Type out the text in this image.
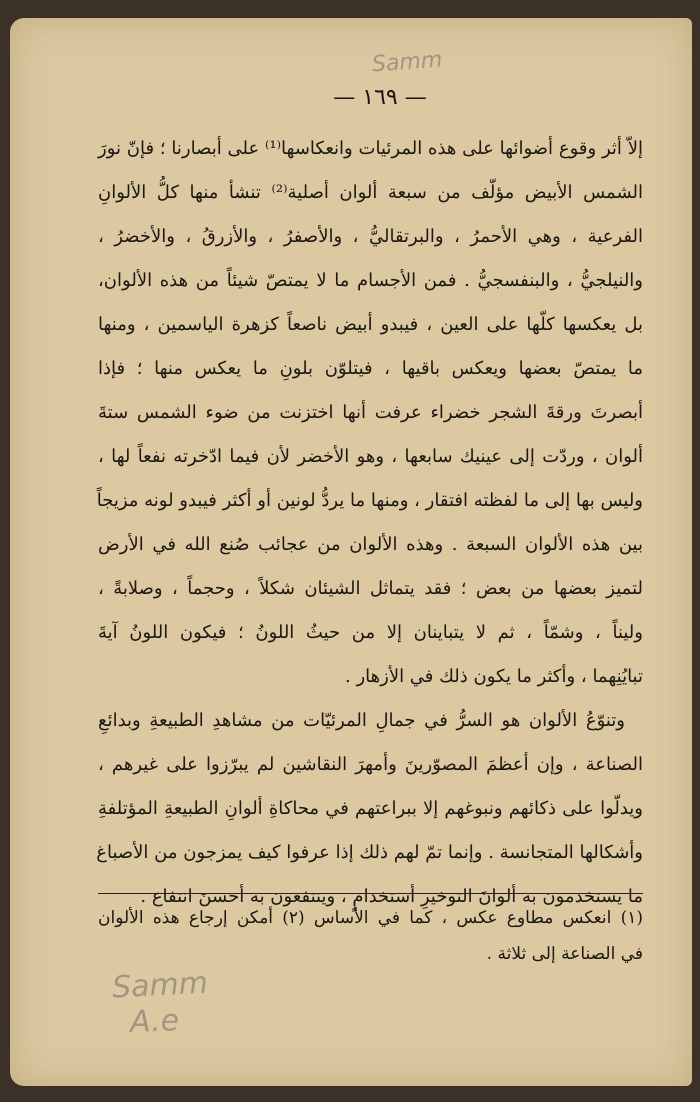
Samm
Samm
A.e
— ١٦٩ —
إلاّ أثر وقوع أضوائها على هذه المرئيات وانعكاسها⁽¹⁾ على أبصارنا ؛ فإنّ نورَ
الشمس الأبيض مؤلّف من سبعة ألوان أصلية⁽²⁾ تنشأ منها كلُّ الألوانِ
الفرعية ، وهي الأحمرُ ، والبرتقاليُّ ، والأصفرُ ، والأزرقُ ، والأخضرُ ،
والنيلجيُّ ، والبنفسجيُّ . فمن الأجسام ما لا يمتصّ شيئاً من هذه الألوان،
بل يعكسها كلّها على العين ، فيبدو أبيض ناصعاً كزهرة الياسمين ، ومنها
ما يمتصّ بعضها ويعكس باقيها ، فيتلوّن بلونِ ما يعكس منها ؛ فإذا
أبصرتَ ورقةَ الشجر خضراء عرفت أنها اختزنت من ضوء الشمس ستةَ
ألوان ، وردّت إلى عينيك سابعها ، وهو الأخضر لأن فيما ادّخرته نفعاً لها ،
وليس بها إلى ما لفظته افتقار ، ومنها ما يردُّ لونين أو أكثر فيبدو لونه مزيجاً
بين هذه الألوان السبعة . وهذه الألوان من عجائب صُنع الله في الأرض
لتميز بعضها من بعض ؛ فقد يتماثل الشيئان شكلاً ، وحجماً ، وصلابةً ،
وليناً ، وشمّاً ، ثم لا يتباينان إلا من حيثُ اللونُ ؛ فيكون اللونُ آيةَ
تبايُنِهما ، وأكثر ما يكون ذلك في الأزهار .
وتنوّعُ الألوان هو السرُّ في جمالِ المرئيّات من مشاهدِ الطبيعةِ وبدائعِ
الصناعة ، وإن أعظمَ المصوّرينَ وأمهرَ النقاشين لم يبرّزوا على غيرهم ،
ويدلّوا على ذكائهم ونبوغهم إلا ببراعتهم في محاكاةِ ألوانِ الطبيعةِ المؤتلفةِ
وأشكالها المتجانسة . وإنما تمّ لهم ذلك إذا عرفوا كيف يمزجون من الأصباغ
ما يستخدمون به ألوانَ التوخيرِ أستخدامٍ ، وينتفعون به أحسنَ انتفاع .
(١) انعكس مطاوع عكس ، كما في الأساس (٢) أمكن إرجاع هذه الألوان
في الصناعة إلى ثلاثة .
